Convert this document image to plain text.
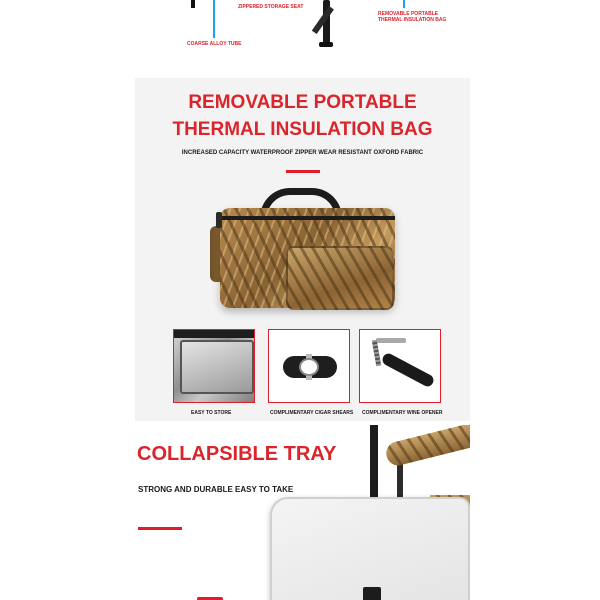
ZIPPERED STORAGE SEAT
COARSE ALLOY TUBE
REMOVABLE PORTABLE
THERMAL INSULATION BAG
REMOVABLE PORTABLE
THERMAL INSULATION BAG

INCREASED CAPACITY WATERPROOF ZIPPER WEAR RESISTANT OXFORD FABRIC

EASY TO STORE	COMPLIMENTARY CIGAR SHEARS COMPLIMENTARY WINE OPENER
COLLAPSIBLE TRAY

STRONG AND DURABLE EASY TO TAKE
